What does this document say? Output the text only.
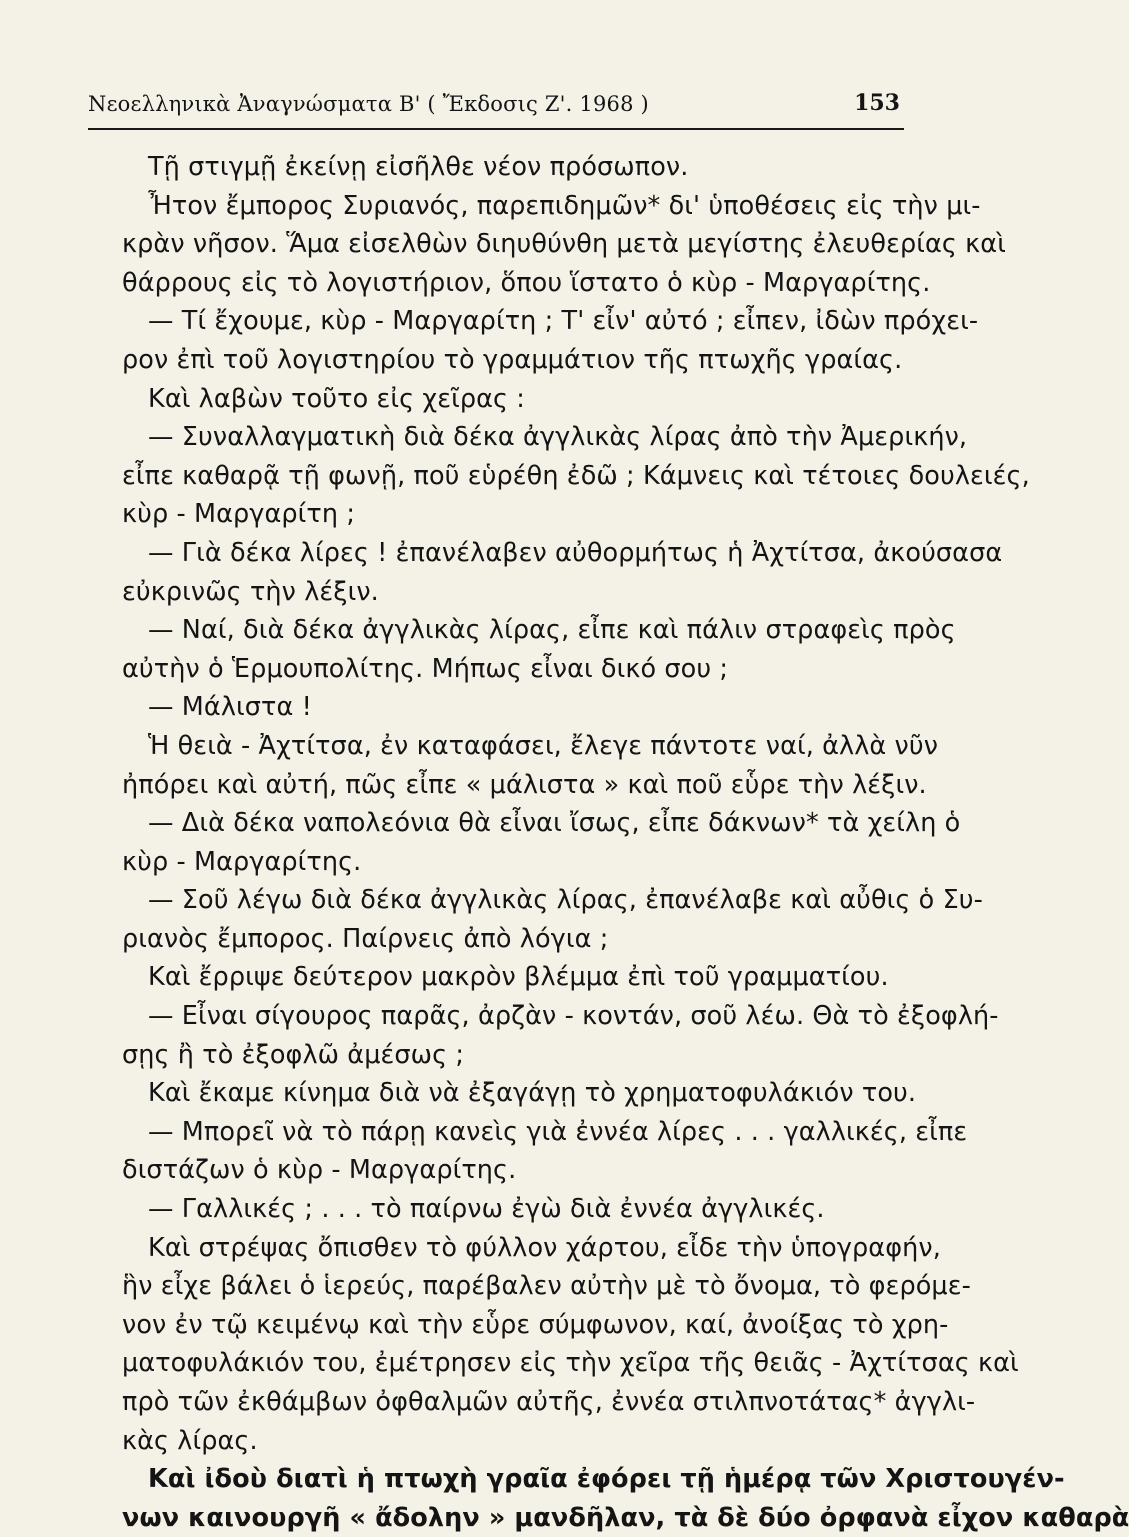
Νεοελληνικὰ Ἀναγνώσματα Β' ( Ἔκδοσις Ζ'. 1968 )	153
Τῇ στιγμῇ ἐκείνῃ εἰσῆλθε νέον πρόσωπον.
Ἦτον ἔμπορος Συριανός, παρεπιδημῶν* δι' ὑποθέσεις εἰς τὴν μι-
κρὰν νῆσον. Ἅμα εἰσελθὼν διηυθύνθη μετὰ μεγίστης ἐλευθερίας καὶ
θάρρους εἰς τὸ λογιστήριον, ὅπου ἵστατο ὁ κὺρ - Μαργαρίτης.
— Τί ἔχουμε, κὺρ - Μαργαρίτη ; Τ' εἶν' αὐτό ; εἶπεν, ἰδὼν πρόχει-
ρον ἐπὶ τοῦ λογιστηρίου τὸ γραμμάτιον τῆς πτωχῆς γραίας.
Καὶ λαβὼν τοῦτο εἰς χεῖρας :
— Συναλλαγματικὴ διὰ δέκα ἀγγλικὰς λίρας ἀπὸ τὴν Ἀμερικήν,
εἶπε καθαρᾷ τῇ φωνῇ, ποῦ εὑρέθη ἐδῶ ; Κάμνεις καὶ τέτοιες δουλειές,
κὺρ - Μαργαρίτη ;
— Γιὰ δέκα λίρες ! ἐπανέλαβεν αὐθορμήτως ἡ Ἀχτίτσα, ἀκούσασα
εὐκρινῶς τὴν λέξιν.
— Ναί, διὰ δέκα ἀγγλικὰς λίρας, εἶπε καὶ πάλιν στραφεὶς πρὸς
αὐτὴν ὁ Ἑρμουπολίτης. Μήπως εἶναι δικό σου ;
— Μάλιστα !
Ἡ θειὰ - Ἀχτίτσα, ἐν καταφάσει, ἔλεγε πάντοτε ναί, ἀλλὰ νῦν
ἠπόρει καὶ αὐτή, πῶς εἶπε « μάλιστα » καὶ ποῦ εὗρε τὴν λέξιν.
— Διὰ δέκα ναπολεόνια θὰ εἶναι ἴσως, εἶπε δάκνων* τὰ χείλη ὁ
κὺρ - Μαργαρίτης.
— Σοῦ λέγω διὰ δέκα ἀγγλικὰς λίρας, ἐπανέλαβε καὶ αὖθις ὁ Συ-
ριανὸς ἔμπορος. Παίρνεις ἀπὸ λόγια ;
Καὶ ἔρριψε δεύτερον μακρὸν βλέμμα ἐπὶ τοῦ γραμματίου.
— Εἶναι σίγουρος παρᾶς, ἀρζὰν - κοντάν, σοῦ λέω. Θὰ τὸ ἐξοφλή-
σῃς ἢ τὸ ἐξοφλῶ ἀμέσως ;
Καὶ ἔκαμε κίνημα διὰ νὰ ἐξαγάγῃ τὸ χρηματοφυλάκιόν του.
— Μπορεῖ νὰ τὸ πάρῃ κανεὶς γιὰ ἐννέα λίρες . . . γαλλικές, εἶπε
διστάζων ὁ κὺρ - Μαργαρίτης.
— Γαλλικές ; . . . τὸ παίρνω ἐγὼ διὰ ἐννέα ἀγγλικές.
Καὶ στρέψας ὄπισθεν τὸ φύλλον χάρτου, εἶδε τὴν ὑπογραφήν,
ἣν εἶχε βάλει ὁ ἱερεύς, παρέβαλεν αὐτὴν μὲ τὸ ὄνομα, τὸ φερόμε-
νον ἐν τῷ κειμένῳ καὶ τὴν εὗρε σύμφωνον, καί, ἀνοίξας τὸ χρη-
ματοφυλάκιόν του, ἐμέτρησεν εἰς τὴν χεῖρα τῆς θειᾶς - Ἀχτίτσας καὶ
πρὸ τῶν ἐκθάμβων ὀφθαλμῶν αὐτῆς, ἐννέα στιλπνοτάτας* ἀγγλι-
κὰς λίρας.
Καὶ ἰδοὺ διατὶ ἡ πτωχὴ γραῖα ἐφόρει τῇ ἡμέρᾳ τῶν Χριστουγέν-
νων καινουργῆ « ἄδολην » μανδῆλαν, τὰ δὲ δύο ὀρφανὰ εἶχον καθαρὰ
